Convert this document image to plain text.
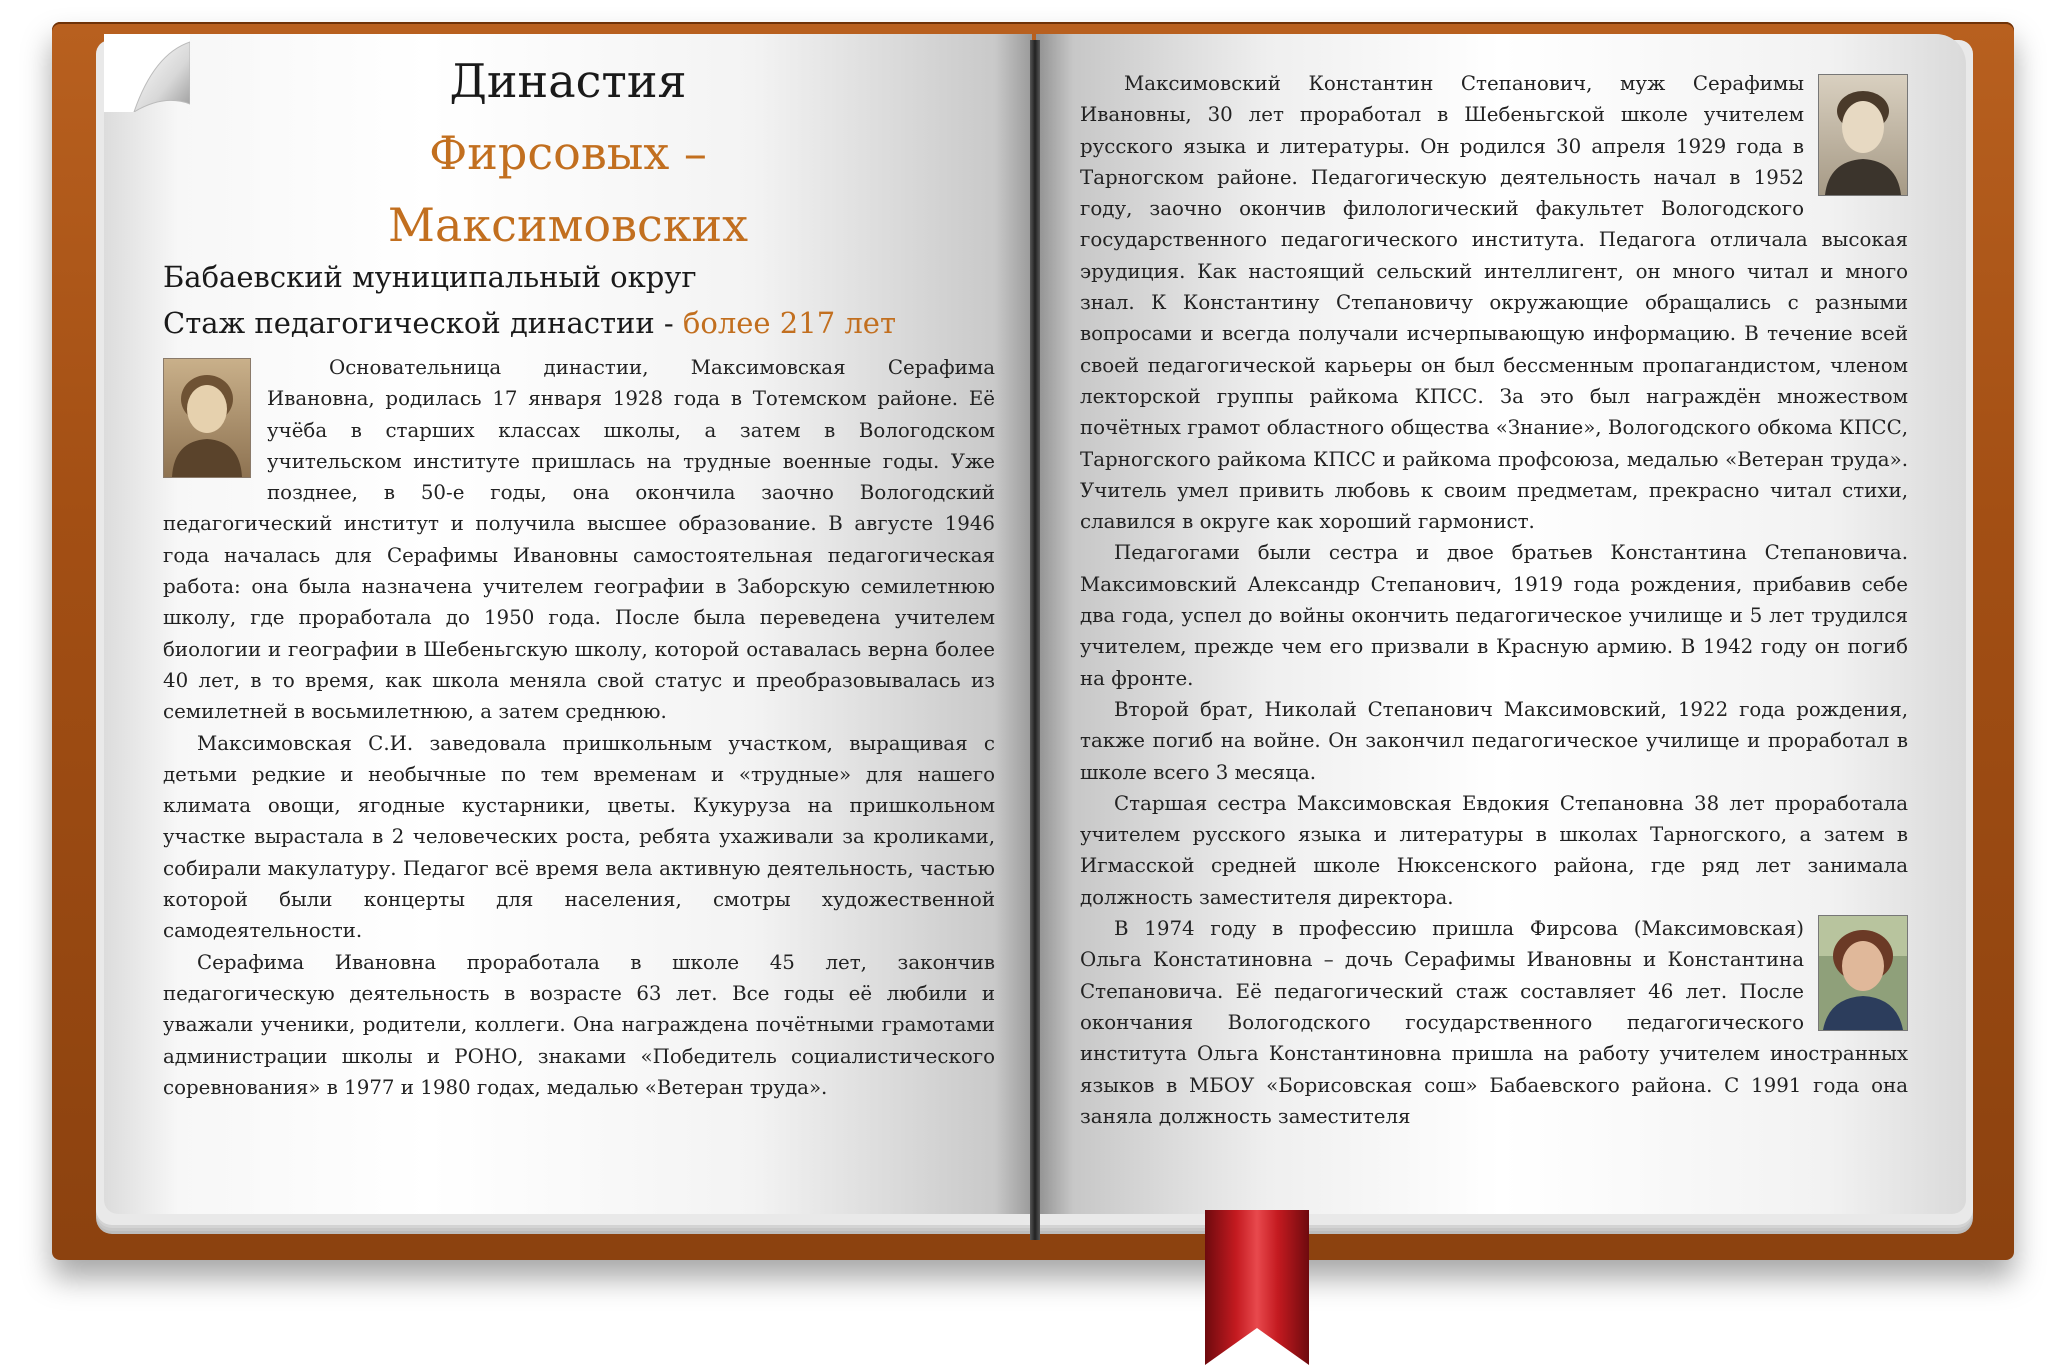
Династия
Фирсовых –
Максимовских
Бабаевский муниципальный округ
Стаж педагогической династии - более 217 лет

Основательница династии, Максимовская Серафима Ивановна, родилась 17 января 1928 года в Тотемском районе. Её учёба в старших классах школы, а затем в Вологодском учительском институте пришлась на трудные военные годы. Уже позднее, в 50-е годы, она окончила заочно Вологодский педагогический институт и получила высшее образование. В августе 1946 года началась для Серафимы Ивановны самостоятельная педагогическая работа: она была назначена учителем географии в Заборскую семилетнюю школу, где проработала до 1950 года. После была переведена учителем биологии и географии в Шебеньгскую школу, которой оставалась верна более 40 лет, в то время, как школа меняла свой статус и преобразовывалась из семилетней в восьмилетнюю, а затем среднюю.

Максимовская С.И. заведовала пришкольным участком, выращивая с детьми редкие и необычные по тем временам и «трудные» для нашего климата овощи, ягодные кустарники, цветы. Кукуруза на пришкольном участке вырастала в 2 человеческих роста, ребята ухаживали за кроликами, собирали макулатуру. Педагог всё время вела активную деятельность, частью которой были концерты для населения, смотры художественной самодеятельности.

Серафима Ивановна проработала в школе 45 лет, закончив педагогическую деятельность в возрасте 63 лет. Все годы её любили и уважали ученики, родители, коллеги. Она награждена почётными грамотами администрации школы и РОНО, знаками «Победитель социалистического соревнования» в 1977 и 1980 годах, медалью «Ветеран труда».

Максимовский Константин Степанович, муж Серафимы Ивановны, 30 лет проработал в Шебеньгской школе учителем русского языка и литературы. Он родился 30 апреля 1929 года в Тарногском районе. Педагогическую деятельность начал в 1952 году, заочно окончив филологический факультет Вологодского государственного педагогического института. Педагога отличала высокая эрудиция. Как настоящий сельский интеллигент, он много читал и много знал. К Константину Степановичу окружающие обращались с разными вопросами и всегда получали исчерпывающую информацию. В течение всей своей педагогической карьеры он был бессменным пропагандистом, членом лекторской группы райкома КПСС. За это был награждён множеством почётных грамот областного общества «Знание», Вологодского обкома КПСС, Тарногского райкома КПСС и райкома профсоюза, медалью «Ветеран труда». Учитель умел привить любовь к своим предметам, прекрасно читал стихи, славился в округе как хороший гармонист.

Педагогами были сестра и двое братьев Константина Степановича. Максимовский Александр Степанович, 1919 года рождения, прибавив себе два года, успел до войны окончить педагогическое училище и 5 лет трудился учителем, прежде чем его призвали в Красную армию. В 1942 году он погиб на фронте.

Второй брат, Николай Степанович Максимовский, 1922 года рождения, также погиб на войне. Он закончил педагогическое училище и проработал в школе всего 3 месяца.

Старшая сестра Максимовская Евдокия Степановна 38 лет проработала учителем русского языка и литературы в школах Тарногского, а затем в Игмасской средней школе Нюксенского района, где ряд лет занимала должность заместителя директора.

В 1974 году в профессию пришла Фирсова (Максимовская) Ольга Констатиновна – дочь Серафимы Ивановны и Константина Степановича. Её педагогический стаж составляет 46 лет. После окончания Вологодского государственного педагогического института Ольга Константиновна пришла на работу учителем иностранных языков в МБОУ «Борисовская сош» Бабаевского района. С 1991 года она заняла должность заместителя
